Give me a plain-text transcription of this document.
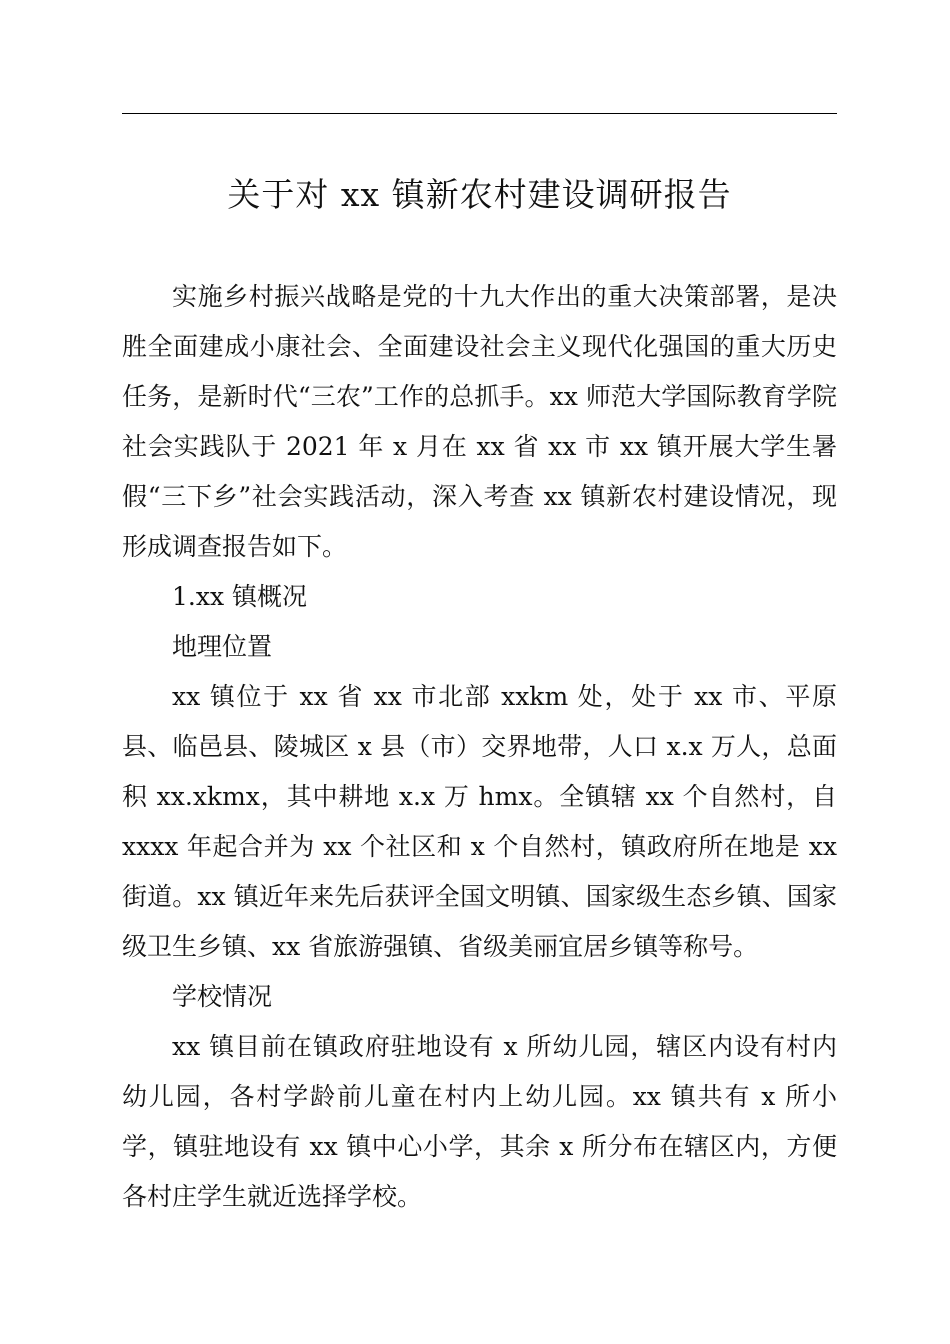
关于对 xx 镇新农村建设调研报告

实施乡村振兴战略是党的十九大作出的重大决策部署，是决胜全面建成小康社会、全面建设社会主义现代化强国的重大历史任务，是新时代“三农”工作的总抓手。xx 师范大学国际教育学院社会实践队于 2021 年 x 月在 xx 省 xx 市 xx 镇开展大学生暑假“三下乡”社会实践活动，深入考查 xx 镇新农村建设情况，现形成调查报告如下。

1.xx 镇概况

地理位置

xx 镇位于 xx 省 xx 市北部 xxkm 处，处于 xx 市、平原县、临邑县、陵城区 x 县（市）交界地带，人口 x.x 万人，总面积 xx.xkmx，其中耕地 x.x 万 hmx。全镇辖 xx 个自然村，自 xxxx 年起合并为 xx 个社区和 x 个自然村，镇政府所在地是 xx 街道。xx 镇近年来先后获评全国文明镇、国家级生态乡镇、国家级卫生乡镇、xx 省旅游强镇、省级美丽宜居乡镇等称号。

学校情况

xx 镇目前在镇政府驻地设有 x 所幼儿园，辖区内设有村内幼儿园，各村学龄前儿童在村内上幼儿园。xx 镇共有 x 所小学，镇驻地设有 xx 镇中心小学，其余 x 所分布在辖区内，方便各村庄学生就近选择学校。
